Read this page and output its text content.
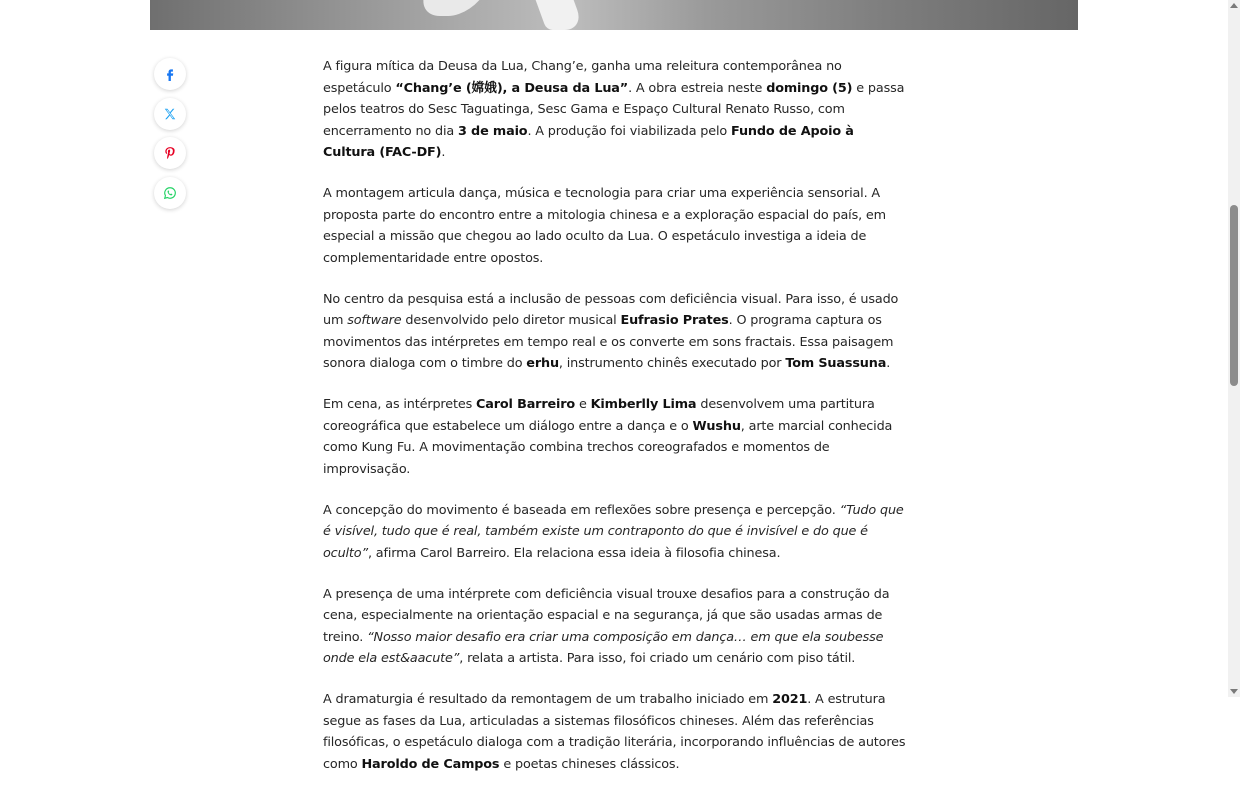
A figura mítica da Deusa da Lua, Chang’e, ganha uma releitura contemporânea no espetáculo “Chang’e (嫦娥), a Deusa da Lua”. A obra estreia neste domingo (5) e passa pelos teatros do Sesc Taguatinga, Sesc Gama e Espaço Cultural Renato Russo, com encerramento no dia 3 de maio. A produção foi viabilizada pelo Fundo de Apoio à Cultura (FAC-DF).

A montagem articula dança, música e tecnologia para criar uma experiência sensorial. A proposta parte do encontro entre a mitologia chinesa e a exploração espacial do país, em especial a missão que chegou ao lado oculto da Lua. O espetáculo investiga a ideia de complementaridade entre opostos.

No centro da pesquisa está a inclusão de pessoas com deficiência visual. Para isso, é usado um software desenvolvido pelo diretor musical Eufrasio Prates. O programa captura os movimentos das intérpretes em tempo real e os converte em sons fractais. Essa paisagem sonora dialoga com o timbre do erhu, instrumento chinês executado por Tom Suassuna.

Em cena, as intérpretes Carol Barreiro e Kimberlly Lima desenvolvem uma partitura coreográfica que estabelece um diálogo entre a dança e o Wushu, arte marcial conhecida como Kung Fu. A movimentação combina trechos coreografados e momentos de improvisação.

A concepção do movimento é baseada em reflexões sobre presença e percepção. “Tudo que é visível, tudo que é real, também existe um contraponto do que é invisível e do que é oculto”, afirma Carol Barreiro. Ela relaciona essa ideia à filosofia chinesa.

A presença de uma intérprete com deficiência visual trouxe desafios para a construção da cena, especialmente na orientação espacial e na segurança, já que são usadas armas de treino. “Nosso maior desafio era criar uma composição em dança… em que ela soubesse onde ela est&aacute”, relata a artista. Para isso, foi criado um cenário com piso tátil.

A dramaturgia é resultado da remontagem de um trabalho iniciado em 2021. A estrutura segue as fases da Lua, articuladas a sistemas filosóficos chineses. Além das referências filosóficas, o espetáculo dialoga com a tradição literária, incorporando influências de autores como Haroldo de Campos e poetas chineses clássicos.
